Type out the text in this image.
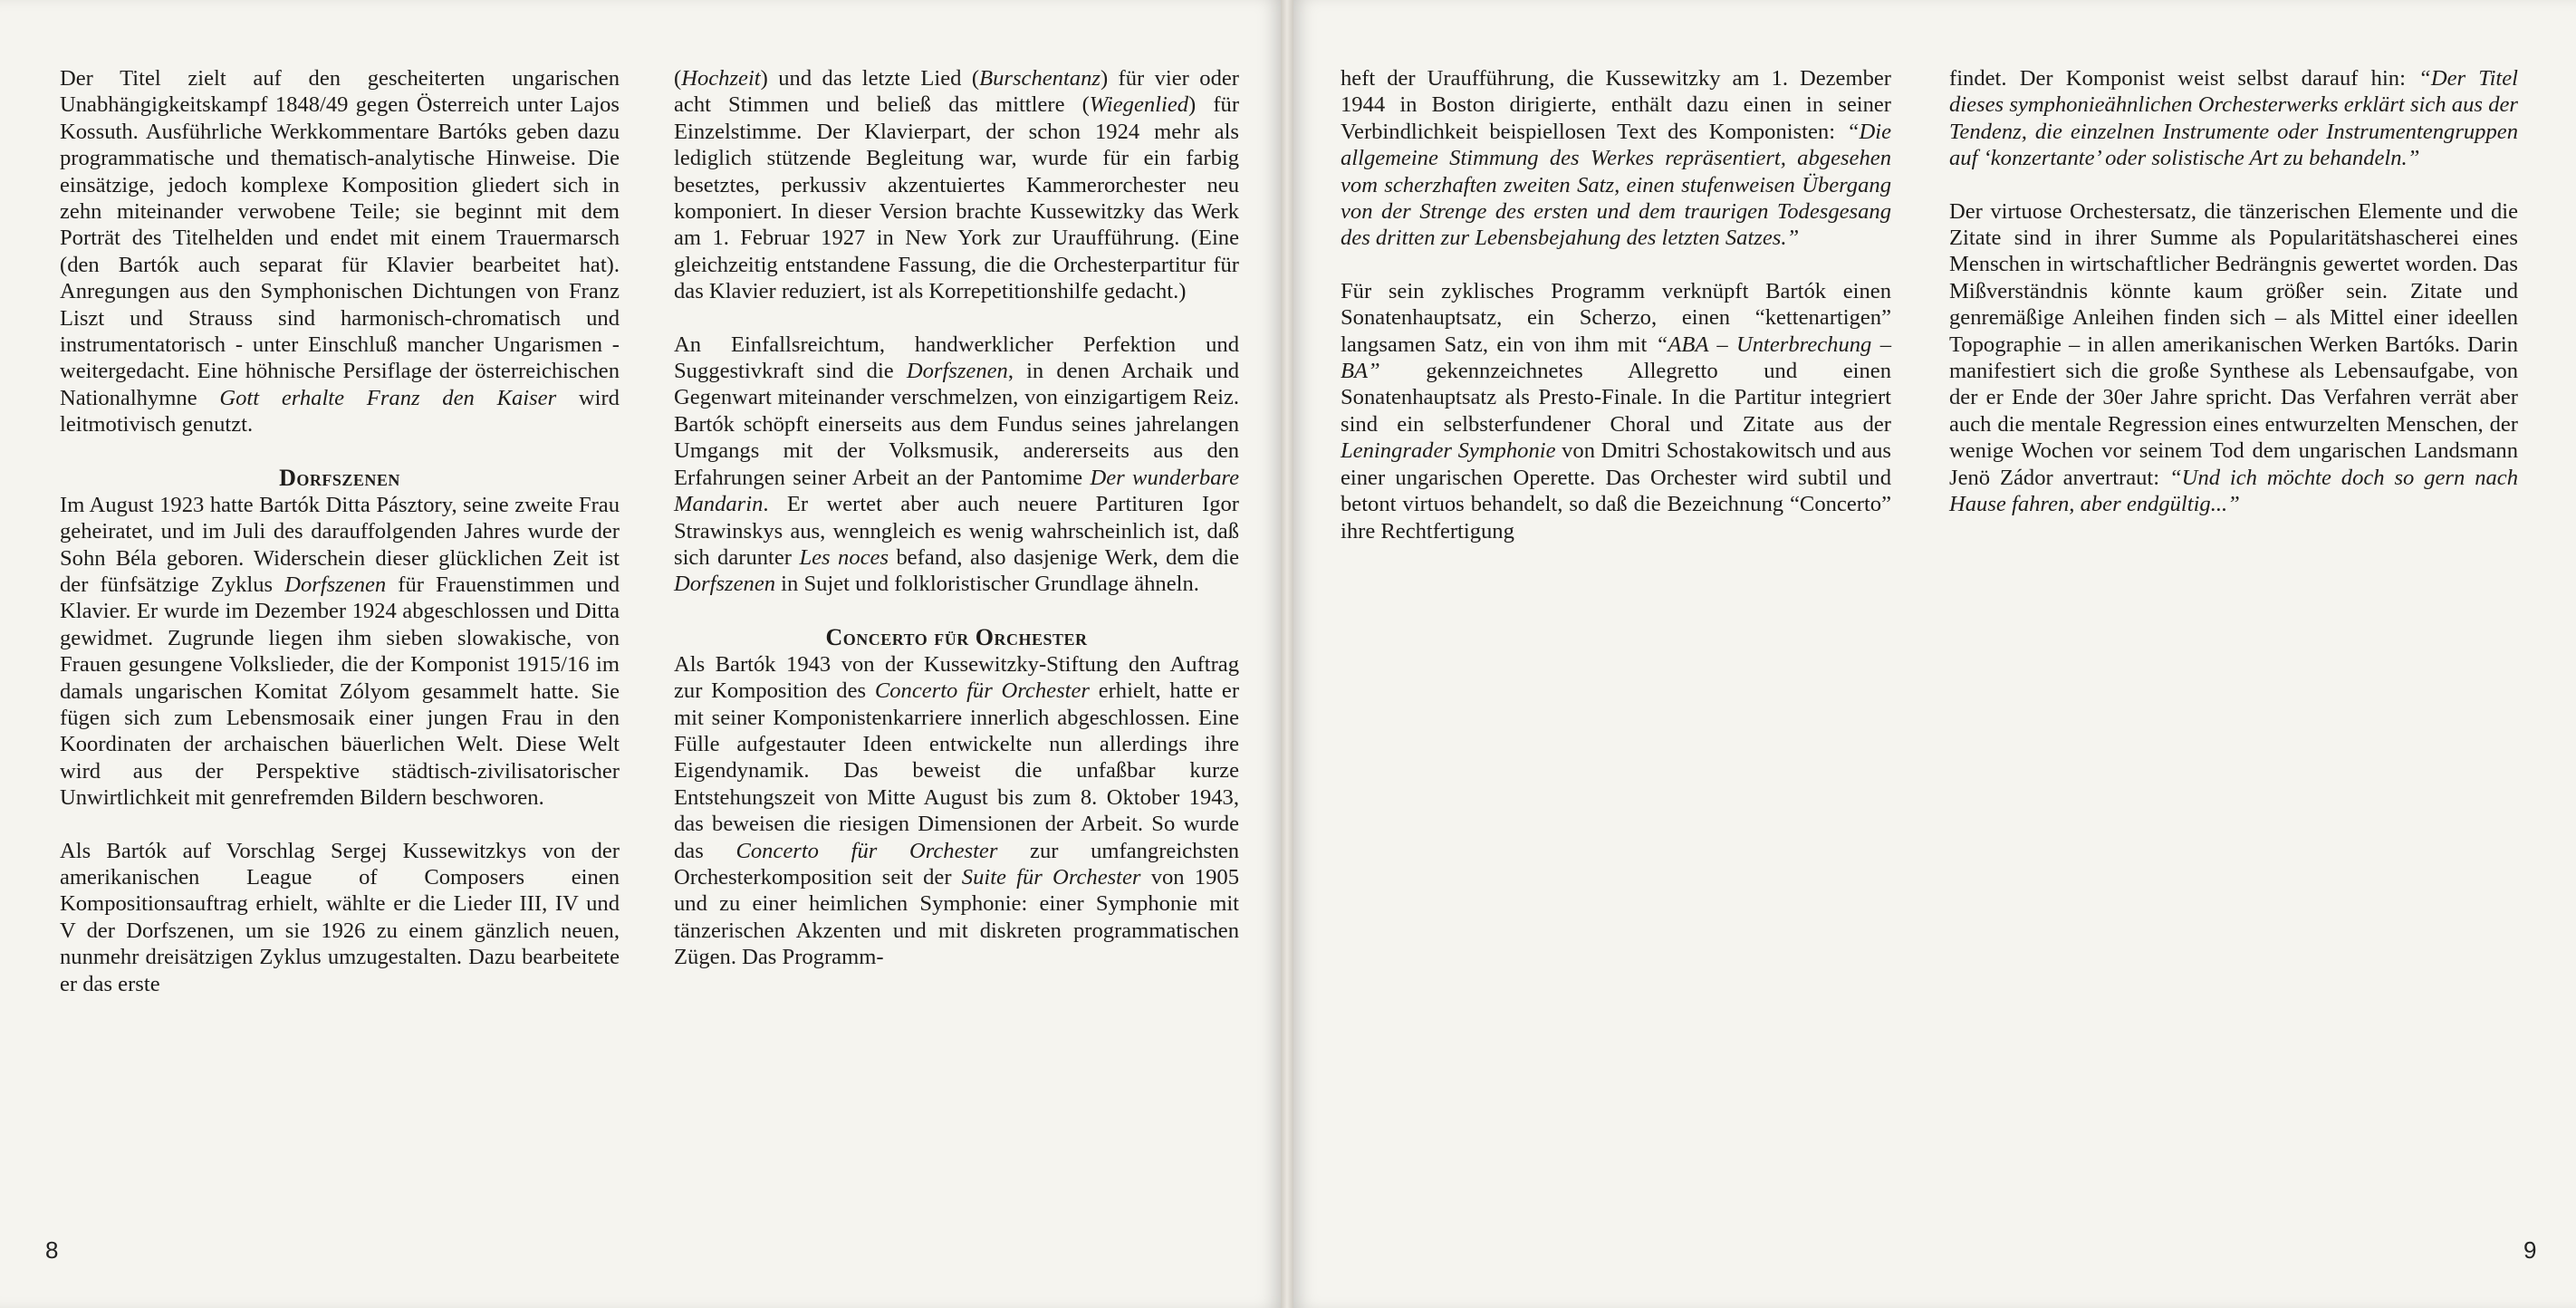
Der Titel zielt auf den gescheiterten ungarischen Unabhängigkeitskampf 1848/49 gegen Österreich unter Lajos Kossuth. Ausführliche Werkkommentare Bartóks geben dazu programmatische und thematisch-analytische Hinweise. Die einsätzige, jedoch komplexe Komposition gliedert sich in zehn miteinander verwobene Teile; sie beginnt mit dem Porträt des Titelhelden und endet mit einem Trauermarsch (den Bartók auch separat für Klavier bearbeitet hat). Anregungen aus den Symphonischen Dichtungen von Franz Liszt und Strauss sind harmonisch-chromatisch und instrumentatorisch - unter Einschluß mancher Ungarismen - weitergedacht. Eine höhnische Persiflage der österreichischen Nationalhymne Gott erhalte Franz den Kaiser wird leitmotivisch genutzt.

Dorfszenen

Im August 1923 hatte Bartók Ditta Pásztory, seine zweite Frau geheiratet, und im Juli des darauffolgenden Jahres wurde der Sohn Béla geboren. Widerschein dieser glücklichen Zeit ist der fünfsätzige Zyklus Dorfszenen für Frauenstimmen und Klavier. Er wurde im Dezember 1924 abgeschlossen und Ditta gewidmet. Zugrunde liegen ihm sieben slowakische, von Frauen gesungene Volkslieder, die der Komponist 1915/16 im damals ungarischen Komitat Zólyom gesammelt hatte. Sie fügen sich zum Lebensmosaik einer jungen Frau in den Koordinaten der archaischen bäuerlichen Welt. Diese Welt wird aus der Perspektive städtisch-zivilisatorischer Unwirtlichkeit mit genrefremden Bildern beschworen.

Als Bartók auf Vorschlag Sergej Kussewitzkys von der amerikanischen League of Composers einen Kompositionsauftrag erhielt, wählte er die Lieder III, IV und V der Dorfszenen, um sie 1926 zu einem gänzlich neuen, nunmehr dreisätzigen Zyklus umzugestalten. Dazu bearbeitete er das erste

(Hochzeit) und das letzte Lied (Burschentanz) für vier oder acht Stimmen und beließ das mittlere (Wiegenlied) für Einzelstimme. Der Klavierpart, der schon 1924 mehr als lediglich stützende Begleitung war, wurde für ein farbig besetztes, perkussiv akzentuiertes Kammerorchester neu komponiert. In dieser Version brachte Kussewitzky das Werk am 1. Februar 1927 in New York zur Uraufführung. (Eine gleichzeitig entstandene Fassung, die die Orchesterpartitur für das Klavier reduziert, ist als Korrepetitionshilfe gedacht.)

An Einfallsreichtum, handwerklicher Perfektion und Suggestivkraft sind die Dorfszenen, in denen Archaik und Gegenwart miteinander verschmelzen, von einzigartigem Reiz. Bartók schöpft einerseits aus dem Fundus seines jahrelangen Umgangs mit der Volksmusik, andererseits aus den Erfahrungen seiner Arbeit an der Pantomime Der wunderbare Mandarin. Er wertet aber auch neuere Partituren Igor Strawinskys aus, wenngleich es wenig wahrscheinlich ist, daß sich darunter Les noces befand, also dasjenige Werk, dem die Dorfszenen in Sujet und folkloristischer Grundlage ähneln.

Concerto für Orchester

Als Bartók 1943 von der Kussewitzky-Stiftung den Auftrag zur Komposition des Concerto für Orchester erhielt, hatte er mit seiner Komponistenkarriere innerlich abgeschlossen. Eine Fülle aufgestauter Ideen entwickelte nun allerdings ihre Eigendynamik. Das beweist die unfaßbar kurze Entstehungszeit von Mitte August bis zum 8. Oktober 1943, das beweisen die riesigen Dimensionen der Arbeit. So wurde das Concerto für Orchester zur umfangreichsten Orchesterkomposition seit der Suite für Orchester von 1905 und zu einer heimlichen Symphonie: einer Symphonie mit tänzerischen Akzenten und mit diskreten programmatischen Zügen. Das Programm-

8

heft der Uraufführung, die Kussewitzky am 1. Dezember 1944 in Boston dirigierte, enthält dazu einen in seiner Verbindlichkeit beispiellosen Text des Komponisten: “Die allgemeine Stimmung des Werkes repräsentiert, abgesehen vom scherzhaften zweiten Satz, einen stufenweisen Übergang von der Strenge des ersten und dem traurigen Todesgesang des dritten zur Lebensbejahung des letzten Satzes.”

Für sein zyklisches Programm verknüpft Bartók einen Sonatenhauptsatz, ein Scherzo, einen “kettenartigen” langsamen Satz, ein von ihm mit “ABA – Unterbrechung – BA” gekennzeichnetes Allegretto und einen Sonatenhauptsatz als Presto-Finale. In die Partitur integriert sind ein selbsterfundener Choral und Zitate aus der Leningrader Symphonie von Dmitri Schostakowitsch und aus einer ungarischen Operette. Das Orchester wird subtil und betont virtuos behandelt, so daß die Bezeichnung “Concerto” ihre Rechtfertigung

findet. Der Komponist weist selbst darauf hin: “Der Titel dieses symphonieähnlichen Orchesterwerks erklärt sich aus der Tendenz, die einzelnen Instrumente oder Instrumentengruppen auf ‘konzertante’ oder solistische Art zu behandeln.”

Der virtuose Orchestersatz, die tänzerischen Elemente und die Zitate sind in ihrer Summe als Popularitätshascherei eines Menschen in wirtschaftlicher Bedrängnis gewertet worden. Das Mißverständnis könnte kaum größer sein. Zitate und genremäßige Anleihen finden sich – als Mittel einer ideellen Topographie – in allen amerikanischen Werken Bartóks. Darin manifestiert sich die große Synthese als Lebensaufgabe, von der er Ende der 30er Jahre spricht. Das Verfahren verrät aber auch die mentale Regression eines entwurzelten Menschen, der wenige Wochen vor seinem Tod dem ungarischen Landsmann Jenö Zádor anvertraut: “Und ich möchte doch so gern nach Hause fahren, aber endgültig...”

9
